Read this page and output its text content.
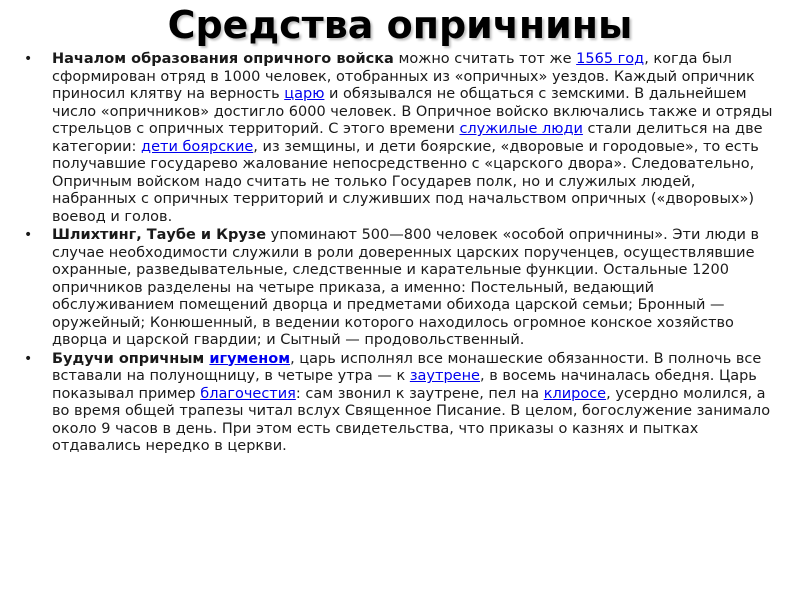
Средства опричнины
• Началом образования опричного войска можно считать тот же 1565 год, когда был сформирован отряд в 1000 человек, отобранных из «опричных» уездов. Каждый опричник приносил клятву на верность царю и обязывался не общаться с земскими. В дальнейшем число «опричников» достигло 6000 человек. В Опричное войско включались также и отряды стрельцов с опричных территорий. С этого времени служилые люди стали делиться на две категории: дети боярские, из земщины, и дети боярские, «дворовые и городовые», то есть получавшие государево жалование непосредственно с «царского двора». Следовательно, Опричным войском надо считать не только Государев полк, но и служилых людей, набранных с опричных территорий и служивших под начальством опричных («дворовых») воевод и голов.
• Шлихтинг, Таубе и Крузе упоминают 500—800 человек «особой опричнины». Эти люди в случае необходимости служили в роли доверенных царских порученцев, осуществлявшие охранные, разведывательные, следственные и карательные функции. Остальные 1200 опричников разделены на четыре приказа, а именно: Постельный, ведающий обслуживанием помещений дворца и предметами обихода царской семьи; Бронный — оружейный; Конюшенный, в ведении которого находилось огромное конское хозяйство дворца и царской гвардии; и Сытный — продовольственный.
• Будучи опричным игуменом, царь исполнял все монашеские обязанности. В полночь все вставали на полунощницу, в четыре утра — к заутрене, в восемь начиналась обедня. Царь показывал пример благочестия: сам звонил к заутрене, пел на клиросе, усердно молился, а во время общей трапезы читал вслух Священное Писание. В целом, богослужение занимало около 9 часов в день. При этом есть свидетельства, что приказы о казнях и пытках отдавались нередко в церкви.
